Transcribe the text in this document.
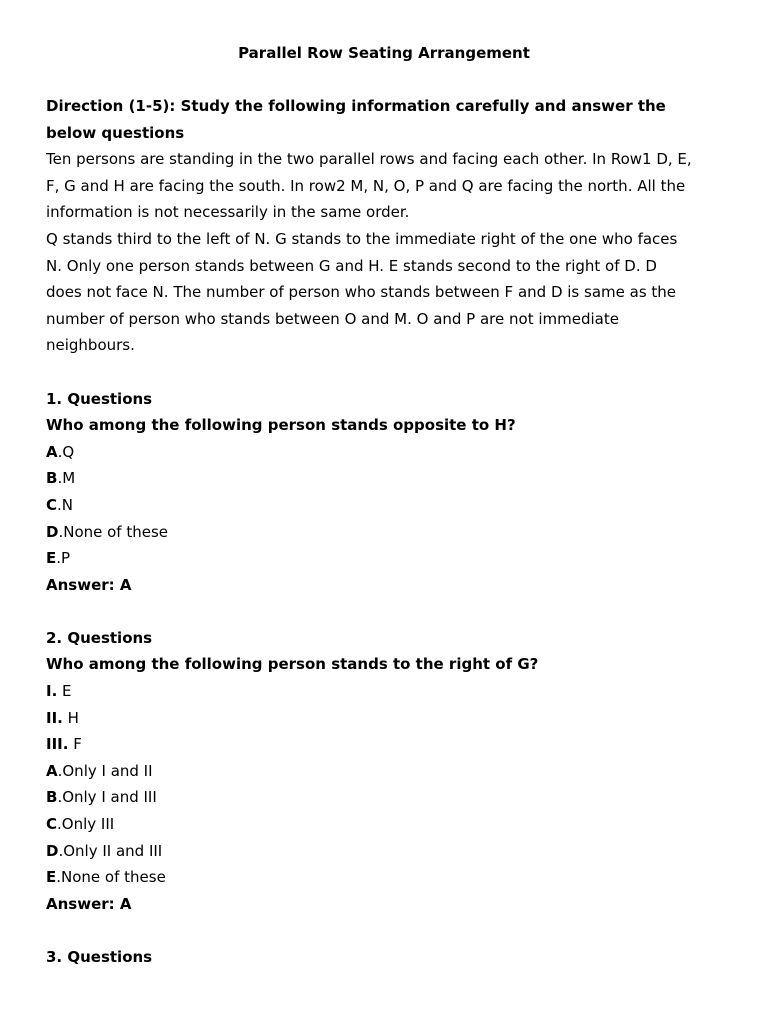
Parallel Row Seating Arrangement
Direction (1-5): Study the following information carefully and answer the
below questions
Ten persons are standing in the two parallel rows and facing each other. In Row1 D, E,
F, G and H are facing the south. In row2 M, N, O, P and Q are facing the north. All the
information is not necessarily in the same order.
Q stands third to the left of N. G stands to the immediate right of the one who faces
N. Only one person stands between G and H. E stands second to the right of D. D
does not face N. The number of person who stands between F and D is same as the
number of person who stands between O and M. O and P are not immediate
neighbours.
1. Questions
Who among the following person stands opposite to H?
A.Q
B.M
C.N
D.None of these
E.P
Answer: A
2. Questions
Who among the following person stands to the right of G?
I. E
II. H
III. F
A.Only I and II
B.Only I and III
C.Only III
D.Only II and III
E.None of these
Answer: A
3. Questions
